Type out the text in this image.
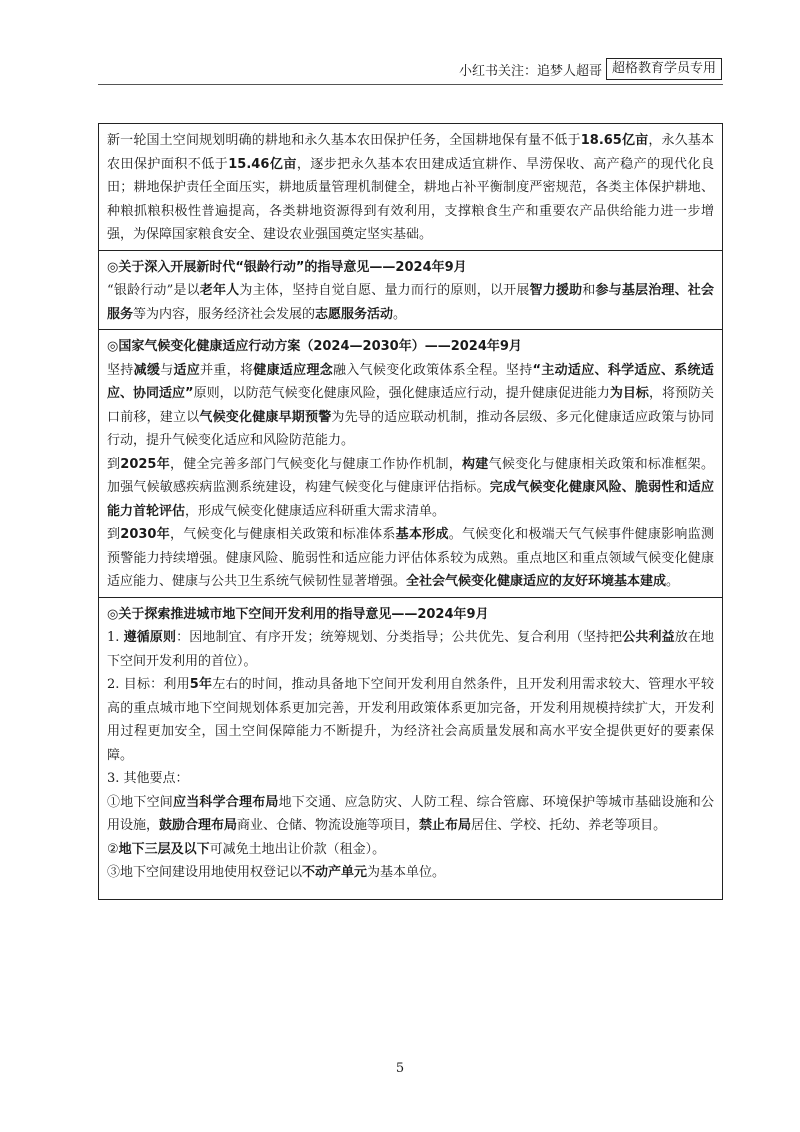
小红书关注：追梦人超哥 超格教育学员专用

新一轮国土空间规划明确的耕地和永久基本农田保护任务，全国耕地保有量不低于18.65亿亩，永久基本农田保护面积不低于15.46亿亩，逐步把永久基本农田建成适宜耕作、旱涝保收、高产稳产的现代化良田；耕地保护责任全面压实，耕地质量管理机制健全，耕地占补平衡制度严密规范，各类主体保护耕地、种粮抓粮积极性普遍提高，各类耕地资源得到有效利用，支撑粮食生产和重要农产品供给能力进一步增强，为保障国家粮食安全、建设农业强国奠定坚实基础。

◎关于深入开展新时代“银龄行动”的指导意见——2024年9月

“银龄行动”是以老年人为主体，坚持自觉自愿、量力而行的原则，以开展智力援助和参与基层治理、社会服务等为内容，服务经济社会发展的志愿服务活动。

◎国家气候变化健康适应行动方案（2024—2030年）——2024年9月

坚持减缓与适应并重，将健康适应理念融入气候变化政策体系全程。坚持“主动适应、科学适应、系统适应、协同适应”原则，以防范气候变化健康风险，强化健康适应行动，提升健康促进能力为目标，将预防关口前移，建立以气候变化健康早期预警为先导的适应联动机制，推动各层级、多元化健康适应政策与协同行动，提升气候变化适应和风险防范能力。

到2025年，健全完善多部门气候变化与健康工作协作机制，构建气候变化与健康相关政策和标准框架。加强气候敏感疾病监测系统建设，构建气候变化与健康评估指标。完成气候变化健康风险、脆弱性和适应能力首轮评估，形成气候变化健康适应科研重大需求清单。

到2030年，气候变化与健康相关政策和标准体系基本形成。气候变化和极端天气气候事件健康影响监测预警能力持续增强。健康风险、脆弱性和适应能力评估体系较为成熟。重点地区和重点领域气候变化健康适应能力、健康与公共卫生系统气候韧性显著增强。全社会气候变化健康适应的友好环境基本建成。

◎关于探索推进城市地下空间开发利用的指导意见——2024年9月

1. 遵循原则：因地制宜、有序开发；统筹规划、分类指导；公共优先、复合利用（坚持把公共利益放在地下空间开发利用的首位）。

2. 目标：利用5年左右的时间，推动具备地下空间开发利用自然条件，且开发利用需求较大、管理水平较高的重点城市地下空间规划体系更加完善，开发利用政策体系更加完备，开发利用规模持续扩大，开发利用过程更加安全，国土空间保障能力不断提升，为经济社会高质量发展和高水平安全提供更好的要素保障。

3. 其他要点：

①地下空间应当科学合理布局地下交通、应急防灾、人防工程、综合管廊、环境保护等城市基础设施和公用设施，鼓励合理布局商业、仓储、物流设施等项目，禁止布局居住、学校、托幼、养老等项目。

②地下三层及以下可减免土地出让价款（租金）。

③地下空间建设用地使用权登记以不动产单元为基本单位。

5
